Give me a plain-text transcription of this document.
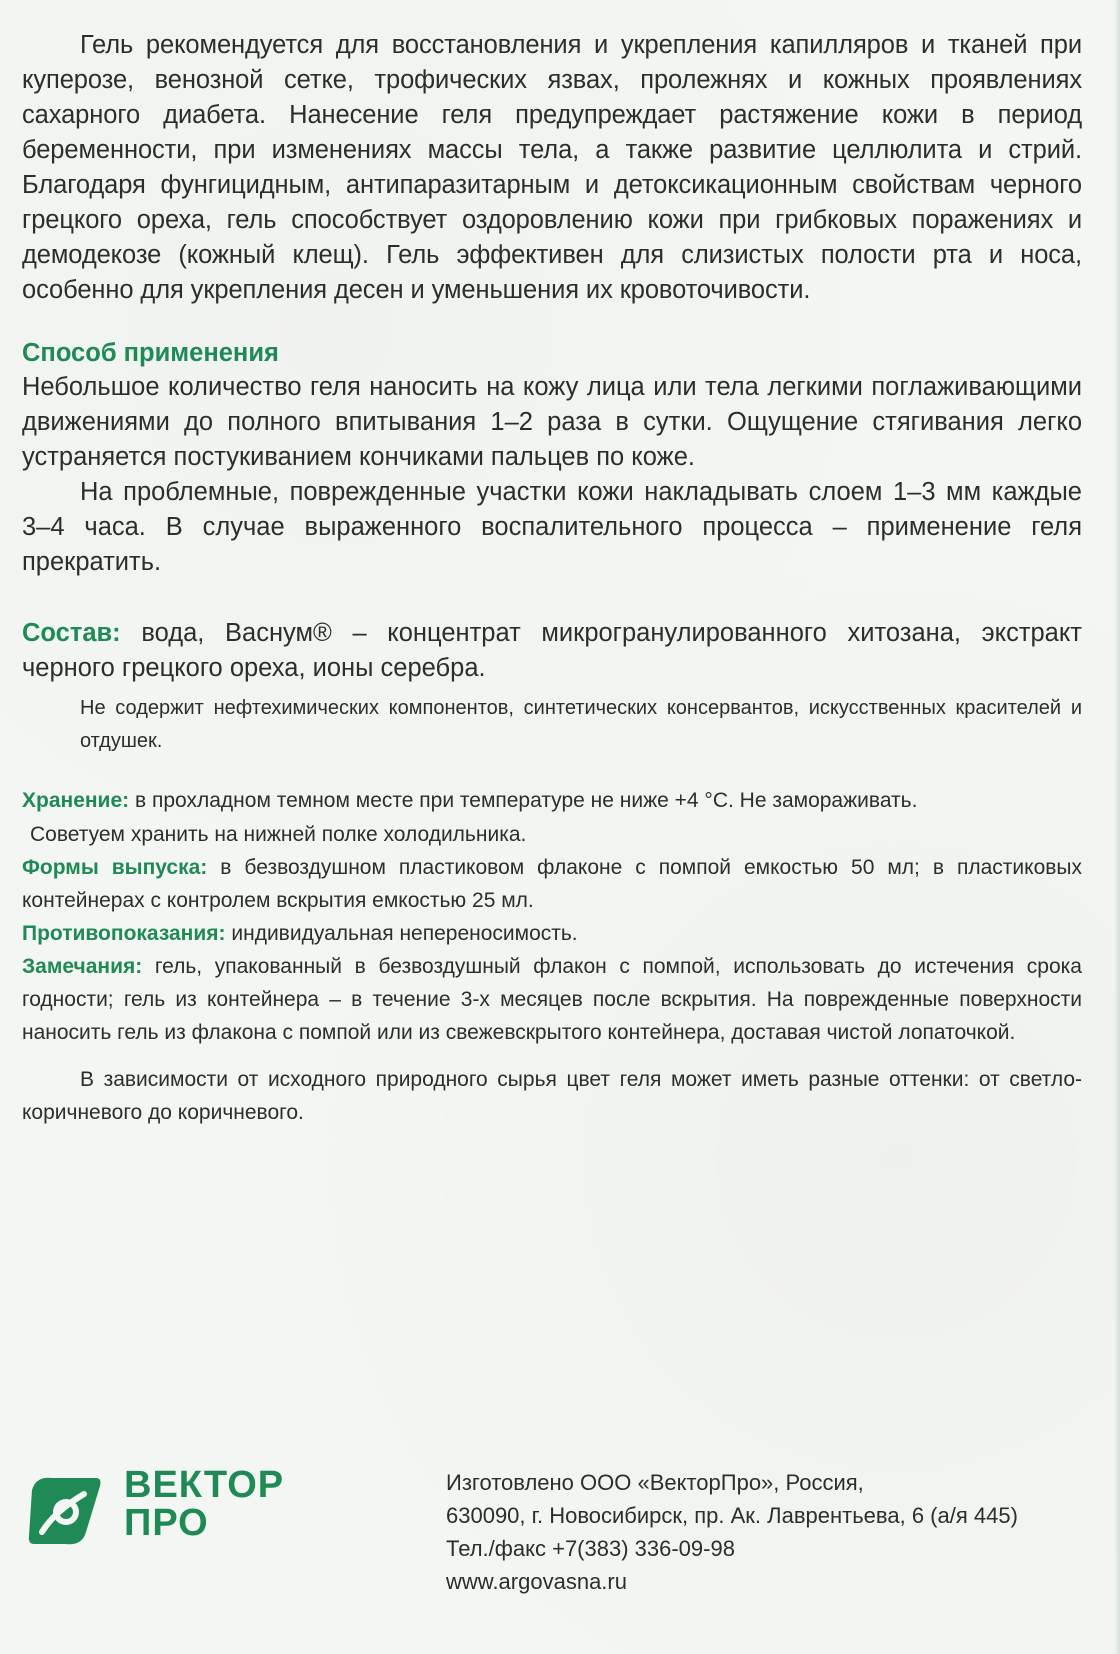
Гель рекомендуется для восстановления и укрепления капилляров и тканей при куперозе, венозной сетке, трофических язвах, пролежнях и кожных проявлениях сахарного диабета. Нанесение геля предупреждает растяжение кожи в период беременности, при изменениях массы тела, а также развитие целлюлита и стрий. Благодаря фунгицидным, антипаразитарным и детоксикационным свойствам черного грецкого ореха, гель способствует оздоровлению кожи при грибковых поражениях и демодекозе (кожный клещ). Гель эффективен для слизистых полости рта и носа, особенно для укрепления десен и уменьшения их кровоточивости.

Способ применения

Небольшое количество геля наносить на кожу лица или тела легкими поглаживающими движениями до полного впитывания 1–2 раза в сутки. Ощущение стягивания легко устраняется постукиванием кончиками пальцев по коже.

На проблемные, поврежденные участки кожи накладывать слоем 1–3 мм каждые 3–4 часа. В случае выраженного воспалительного процесса – применение геля прекратить.

Состав: вода, Васнум® – концентрат микрогранулированного хитозана, экстракт черного грецкого ореха, ионы серебра.

Не содержит нефтехимических компонентов, синтетических консервантов, искусственных красителей и отдушек.

Хранение: в прохладном темном месте при температуре не ниже +4 °С. Не замораживать.

Советуем хранить на нижней полке холодильника.

Формы выпуска: в безвоздушном пластиковом флаконе с помпой емкостью 50 мл; в пластиковых контейнерах с контролем вскрытия емкостью 25 мл.

Противопоказания: индивидуальная непереносимость.

Замечания: гель, упакованный в безвоздушный флакон с помпой, использовать до истечения срока годности; гель из контейнера – в течение 3-х месяцев после вскрытия. На поврежденные поверхности наносить гель из флакона с помпой или из свежевскрытого контейнера, доставая чистой лопаточкой.

В зависимости от исходного природного сырья цвет геля может иметь разные оттенки: от светло-коричневого до коричневого.

ВЕКТОР
ПРО
Изготовлено ООО «ВекторПро», Россия,
630090, г. Новосибирск, пр. Ак. Лаврентьева, 6 (а/я 445)
Тел./факс +7(383) 336-09-98
www.argovasna.ru
